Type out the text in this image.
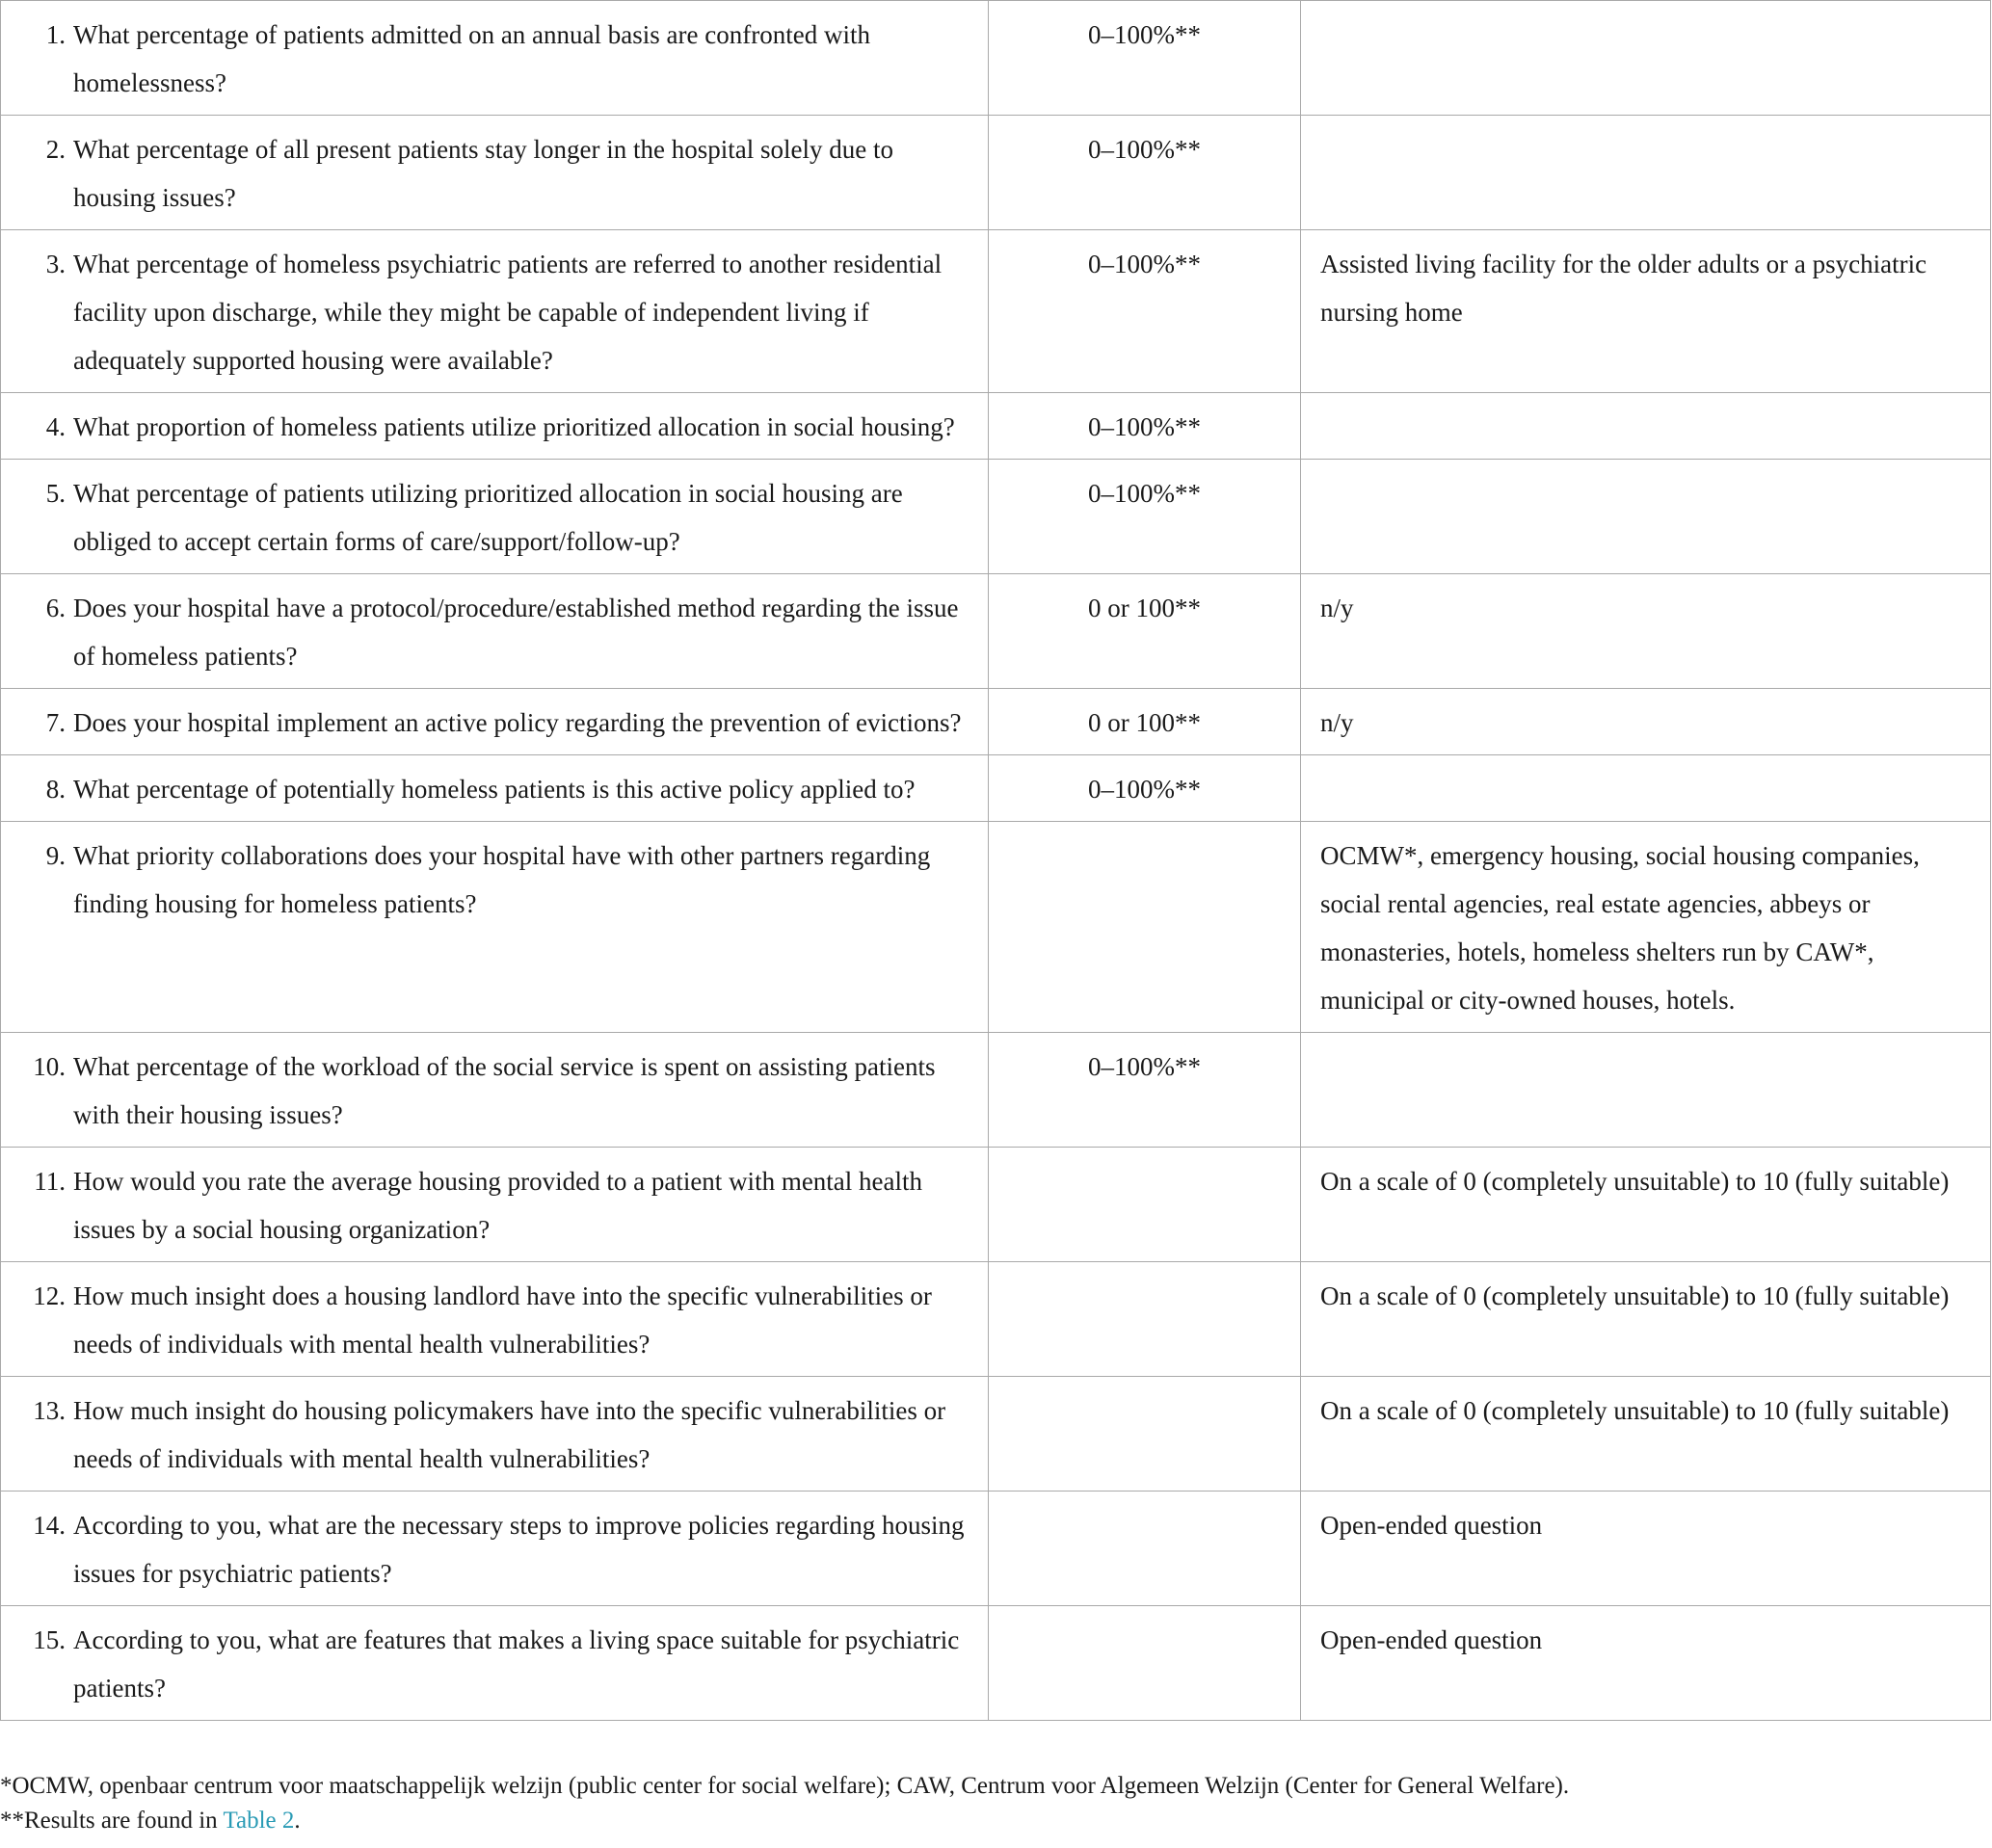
1. What percentage of patients admitted on an annual basis are confronted with homelessness?	0–100%**	

2. What percentage of all present patients stay longer in the hospital solely due to housing issues?	0–100%**	

3. What percentage of homeless psychiatric patients are referred to another residential facility upon discharge, while they might be capable of independent living if adequately supported housing were available?	0–100%**	Assisted living facility for the older adults or a psychiatric nursing home

4. What proportion of homeless patients utilize prioritized allocation in social housing?	0–100%**	

5. What percentage of patients utilizing prioritized allocation in social housing are obliged to accept certain forms of care/support/follow-up?	0–100%**	

6. Does your hospital have a protocol/procedure/established method regarding the issue of homeless patients?	0 or 100**	n/y

7. Does your hospital implement an active policy regarding the prevention of evictions?	0 or 100**	n/y

8. What percentage of potentially homeless patients is this active policy applied to?	0–100%**	

9. What priority collaborations does your hospital have with other partners regarding finding housing for homeless patients?		OCMW*, emergency housing, social housing companies, social rental agencies, real estate agencies, abbeys or monasteries, hotels, homeless shelters run by CAW*, municipal or city-owned houses, hotels.

10. What percentage of the workload of the social service is spent on assisting patients with their housing issues?	0–100%**	

11. How would you rate the average housing provided to a patient with mental health issues by a social housing organization?		On a scale of 0 (completely unsuitable) to 10 (fully suitable)

12. How much insight does a housing landlord have into the specific vulnerabilities or needs of individuals with mental health vulnerabilities?		On a scale of 0 (completely unsuitable) to 10 (fully suitable)

13. How much insight do housing policymakers have into the specific vulnerabilities or needs of individuals with mental health vulnerabilities?		On a scale of 0 (completely unsuitable) to 10 (fully suitable)

14. According to you, what are the necessary steps to improve policies regarding housing issues for psychiatric patients?		Open-ended question

15. According to you, what are features that makes a living space suitable for psychiatric patients?		Open-ended question
*OCMW, openbaar centrum voor maatschappelijk welzijn (public center for social welfare); CAW, Centrum voor Algemeen Welzijn (Center for General Welfare).
**Results are found in Table 2.
